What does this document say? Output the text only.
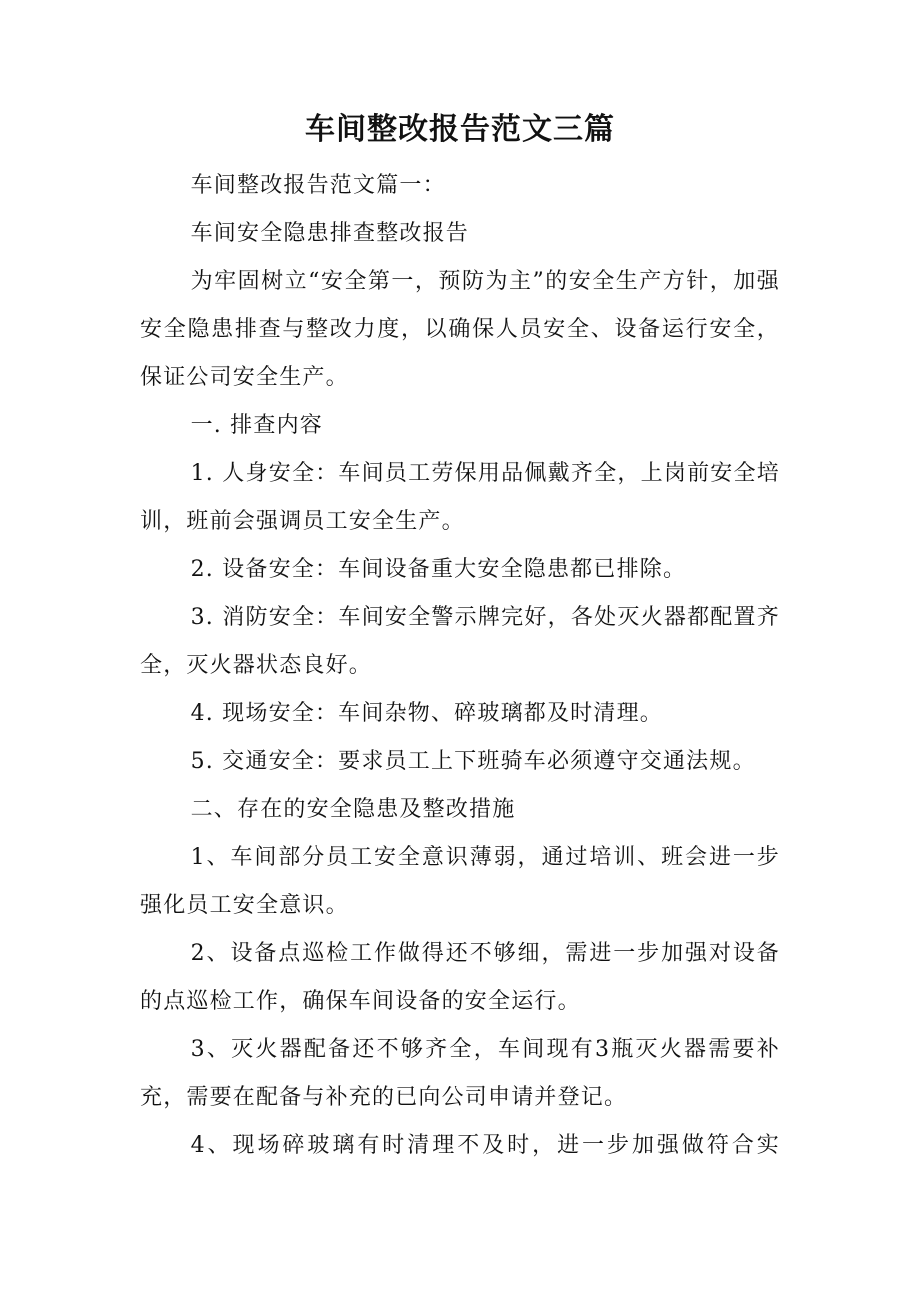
车间整改报告范文三篇

车间整改报告范文篇一：

车间安全隐患排查整改报告

为牢固树立“安全第一，预防为主”的安全生产方针，加强安全隐患排查与整改力度，以确保人员安全、设备运行安全，保证公司安全生产。

一. 排查内容

1. 人身安全：车间员工劳保用品佩戴齐全，上岗前安全培训，班前会强调员工安全生产。

2. 设备安全：车间设备重大安全隐患都已排除。

3. 消防安全：车间安全警示牌完好，各处灭火器都配置齐全，灭火器状态良好。

4. 现场安全：车间杂物、碎玻璃都及时清理。

5. 交通安全：要求员工上下班骑车必须遵守交通法规。

二、存在的安全隐患及整改措施

1、车间部分员工安全意识薄弱，通过培训、班会进一步强化员工安全意识。

2、设备点巡检工作做得还不够细，需进一步加强对设备的点巡检工作，确保车间设备的安全运行。

3、灭火器配备还不够齐全，车间现有3瓶灭火器需要补充，需要在配备与补充的已向公司申请并登记。

4、现场碎玻璃有时清理不及时，进一步加强做符合实
